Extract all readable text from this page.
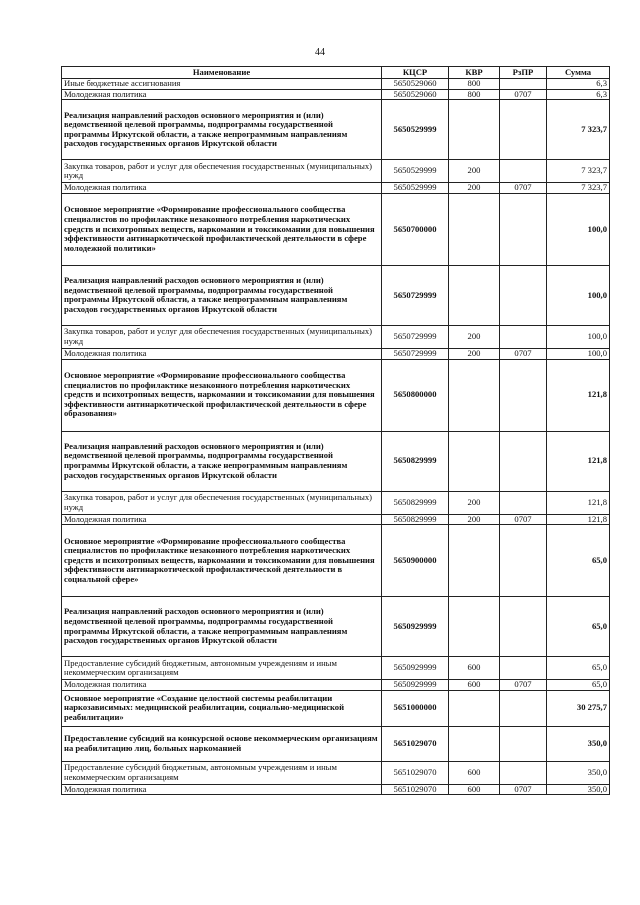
44
Наименование	КЦСР	КВР	РзПР	Сумма
Иные бюджетные ассигнования	5650529060	800		6,3
Молодежная политика	5650529060	800	0707	6,3
Реализация направлений расходов основного мероприятия и (или) ведомственной целевой программы, подпрограммы государственной программы Иркутской области, а также непрограммным направлениям расходов государственных органов Иркутской области	5650529999			7 323,7
Закупка товаров, работ и услуг для обеспечения государственных (муниципальных) нужд	5650529999	200		7 323,7
Молодежная политика	5650529999	200	0707	7 323,7
Основное мероприятие «Формирование профессионального сообщества специалистов по профилактике незаконного потребления наркотических средств и психотропных веществ, наркомании и токсикомании для повышения эффективности антинаркотической профилактической деятельности в сфере молодежной политики»	5650700000			100,0
Реализация направлений расходов основного мероприятия и (или) ведомственной целевой программы, подпрограммы государственной программы Иркутской области, а также непрограммным направлениям расходов государственных органов Иркутской области	5650729999			100,0
Закупка товаров, работ и услуг для обеспечения государственных (муниципальных) нужд	5650729999	200		100,0
Молодежная политика	5650729999	200	0707	100,0
Основное мероприятие «Формирование профессионального сообщества специалистов по профилактике незаконного потребления наркотических средств и психотропных веществ, наркомании и токсикомании для повышения эффективности антинаркотической профилактической деятельности в сфере образования»	5650800000			121,8
Реализация направлений расходов основного мероприятия и (или) ведомственной целевой программы, подпрограммы государственной программы Иркутской области, а также непрограммным направлениям расходов государственных органов Иркутской области	5650829999			121,8
Закупка товаров, работ и услуг для обеспечения государственных (муниципальных) нужд	5650829999	200		121,8
Молодежная политика	5650829999	200	0707	121,8
Основное мероприятие «Формирование профессионального сообщества специалистов по профилактике незаконного потребления наркотических средств и психотропных веществ, наркомании и токсикомании для повышения эффективности антинаркотической профилактической деятельности в социальной сфере»	5650900000			65,0
Реализация направлений расходов основного мероприятия и (или) ведомственной целевой программы, подпрограммы государственной программы Иркутской области, а также непрограммным направлениям расходов государственных органов Иркутской области	5650929999			65,0
Предоставление субсидий бюджетным, автономным учреждениям и иным некоммерческим организациям	5650929999	600		65,0
Молодежная политика	5650929999	600	0707	65,0
Основное мероприятие «Создание целостной системы реабилитации наркозависимых: медицинской реабилитации, социально-медицинской реабилитации»	5651000000			30 275,7
Предоставление субсидий на конкурсной основе некоммерческим организациям на реабилитацию лиц, больных наркоманией	5651029070			350,0
Предоставление субсидий бюджетным, автономным учреждениям и иным некоммерческим организациям	5651029070	600		350,0
Молодежная политика	5651029070	600	0707	350,0
